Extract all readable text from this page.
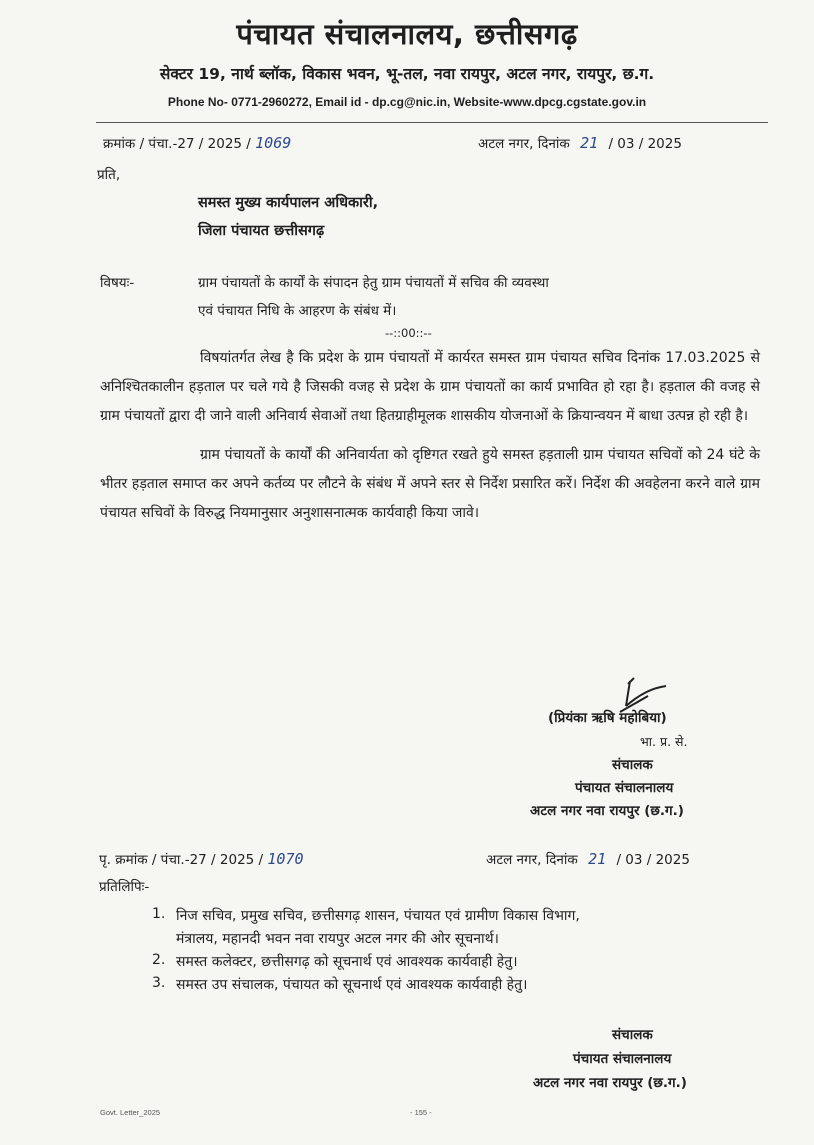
पंचायत संचालनालय, छत्तीसगढ़
सेक्टर 19, नार्थ ब्लॉक, विकास भवन, भू-तल, नवा रायपुर, अटल नगर, रायपुर, छ.ग.
Phone No- 0771-2960272, Email id - dp.cg@nic.in, Website-www.dpcg.cgstate.gov.in
क्रमांक / पंचा.-27 / 2025 / 1069	अटल नगर, दिनांक 21 / 03 / 2025
प्रति,
समस्त मुख्य कार्यपालन अधिकारी,
जिला पंचायत छत्तीसगढ़
विषयः-	ग्राम पंचायतों के कार्यों के संपादन हेतु ग्राम पंचायतों में सचिव की व्यवस्था
एवं पंचायत निधि के आहरण के संबंध में।
--::00::--

विषयांतर्गत लेख है कि प्रदेश के ग्राम पंचायतों में कार्यरत समस्त ग्राम पंचायत सचिव दिनांक 17.03.2025 से अनिश्चितकालीन हड़ताल पर चले गये है जिसकी वजह से प्रदेश के ग्राम पंचायतों का कार्य प्रभावित हो रहा है। हड़ताल की वजह से ग्राम पंचायतों द्वारा दी जाने वाली अनिवार्य सेवाओं तथा हितग्राहीमूलक शासकीय योजनाओं के क्रियान्वयन में बाधा उत्पन्न हो रही है।

ग्राम पंचायतों के कार्यों की अनिवार्यता को दृष्टिगत रखते हुये समस्त हड़ताली ग्राम पंचायत सचिवों को 24 घंटे के भीतर हड़ताल समाप्त कर अपने कर्तव्य पर लौटने के संबंध में अपने स्तर से निर्देश प्रसारित करें। निर्देश की अवहेलना करने वाले ग्राम पंचायत सचिवों के विरुद्ध नियमानुसार अनुशासनात्मक कार्यवाही किया जावे।

(प्रियंका ऋषि महोबिया)
भा. प्र. से.
संचालक
पंचायत संचालनालय
अटल नगर नवा रायपुर (छ.ग.)
पृ. क्रमांक / पंचा.-27 / 2025 / 1070	अटल नगर, दिनांक 21 / 03 / 2025
प्रतिलिपिः-
1. निज सचिव, प्रमुख सचिव, छत्तीसगढ़ शासन, पंचायत एवं ग्रामीण विकास विभाग,
मंत्रालय, महानदी भवन नवा रायपुर अटल नगर की ओर सूचनार्थ।
2. समस्त कलेक्टर, छत्तीसगढ़ को सूचनार्थ एवं आवश्यक कार्यवाही हेतु।
3. समस्त उप संचालक, पंचायत को सूचनार्थ एवं आवश्यक कार्यवाही हेतु।
संचालक
पंचायत संचालनालय
अटल नगर नवा रायपुर (छ.ग.)
Govt. Letter_2025	- 155 -
